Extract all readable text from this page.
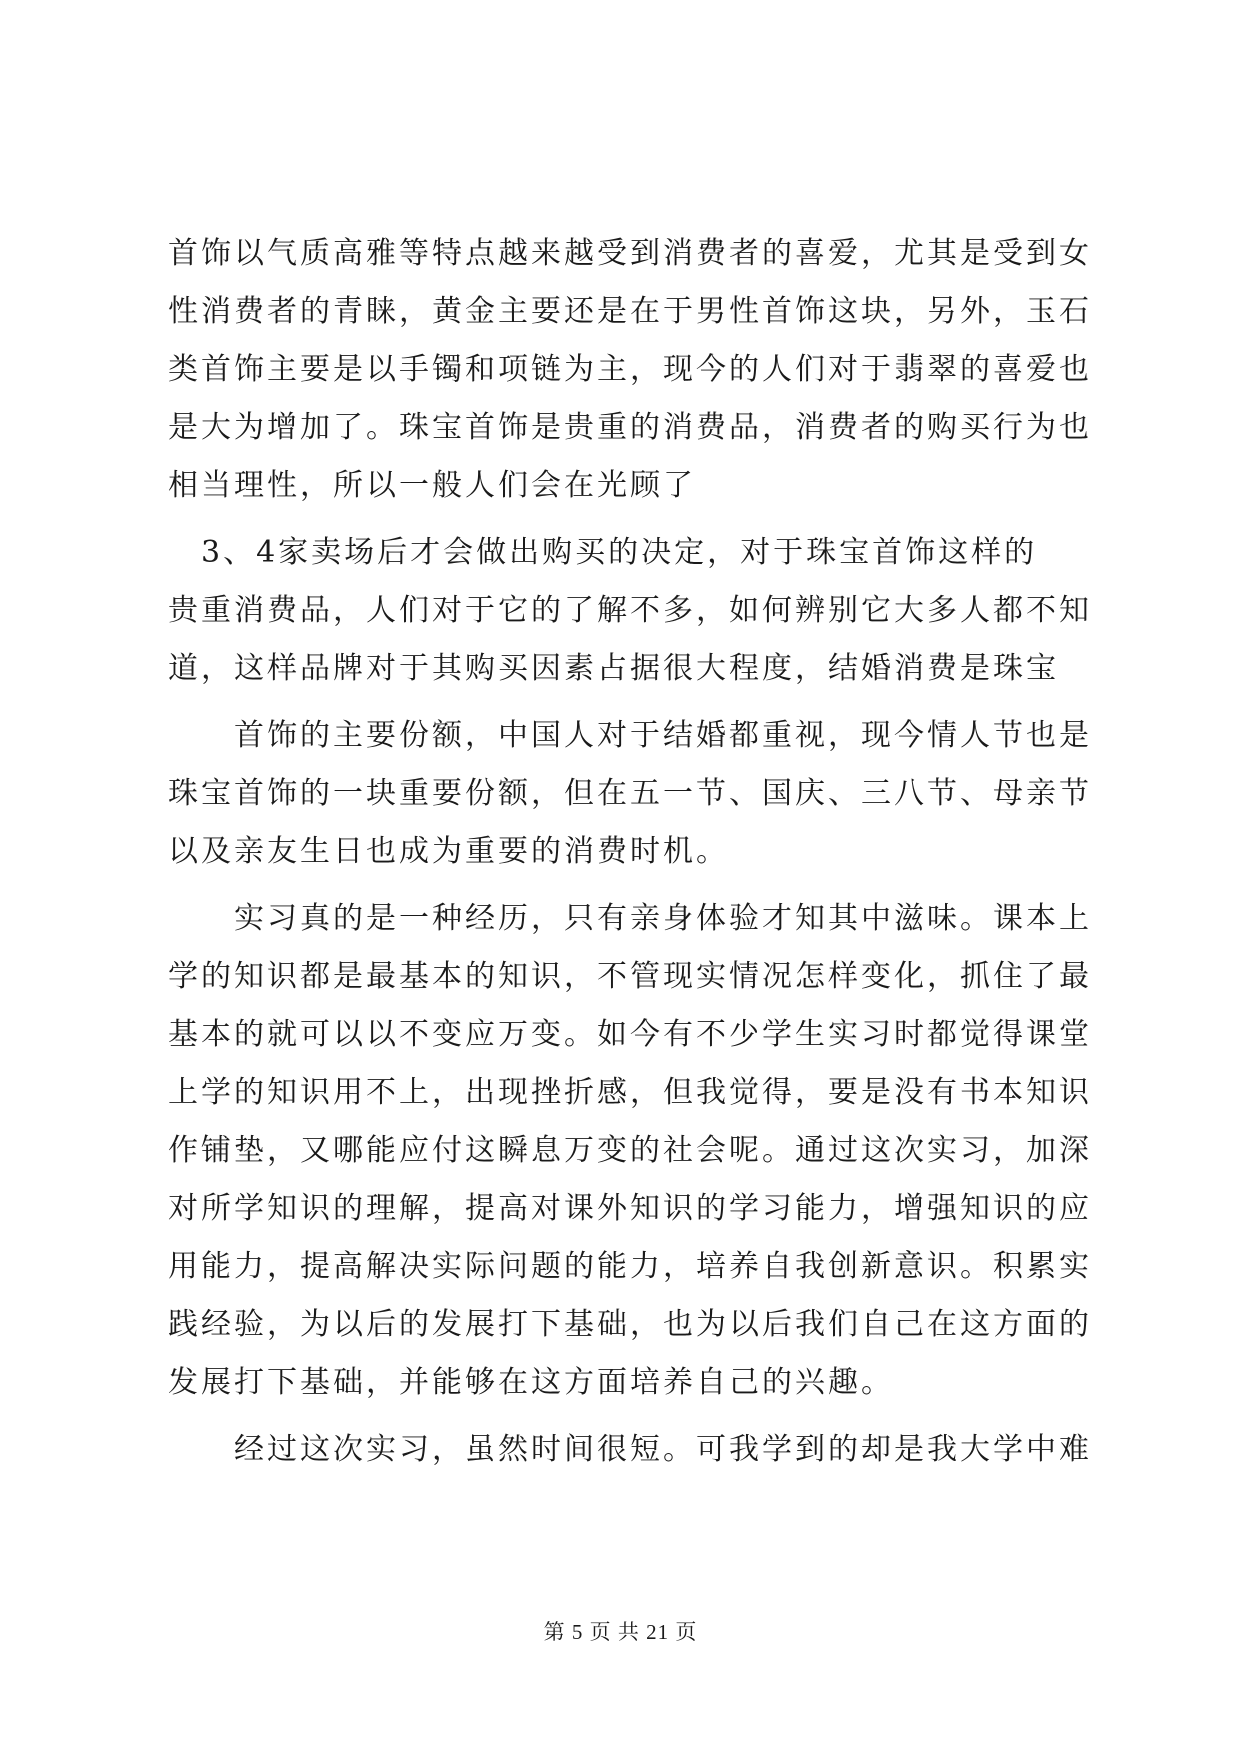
首饰以气质高雅等特点越来越受到消费者的喜爱，尤其是受到女
性消费者的青睐，黄金主要还是在于男性首饰这块，另外，玉石
类首饰主要是以手镯和项链为主，现今的人们对于翡翠的喜爱也
是大为增加了。珠宝首饰是贵重的消费品，消费者的购买行为也
相当理性，所以一般人们会在光顾了
　3、4家卖场后才会做出购买的决定，对于珠宝首饰这样的
贵重消费品，人们对于它的了解不多，如何辨别它大多人都不知
道，这样品牌对于其购买因素占据很大程度，结婚消费是珠宝
　　首饰的主要份额，中国人对于结婚都重视，现今情人节也是
珠宝首饰的一块重要份额，但在五一节、国庆、三八节、母亲节
以及亲友生日也成为重要的消费时机。
　　实习真的是一种经历，只有亲身体验才知其中滋味。课本上
学的知识都是最基本的知识，不管现实情况怎样变化，抓住了最
基本的就可以以不变应万变。如今有不少学生实习时都觉得课堂
上学的知识用不上，出现挫折感，但我觉得，要是没有书本知识
作铺垫，又哪能应付这瞬息万变的社会呢。通过这次实习，加深
对所学知识的理解，提高对课外知识的学习能力，增强知识的应
用能力，提高解决实际问题的能力，培养自我创新意识。积累实
践经验，为以后的发展打下基础，也为以后我们自己在这方面的
发展打下基础，并能够在这方面培养自己的兴趣。
　　经过这次实习，虽然时间很短。可我学到的却是我大学中难
第 5 页 共 21 页
